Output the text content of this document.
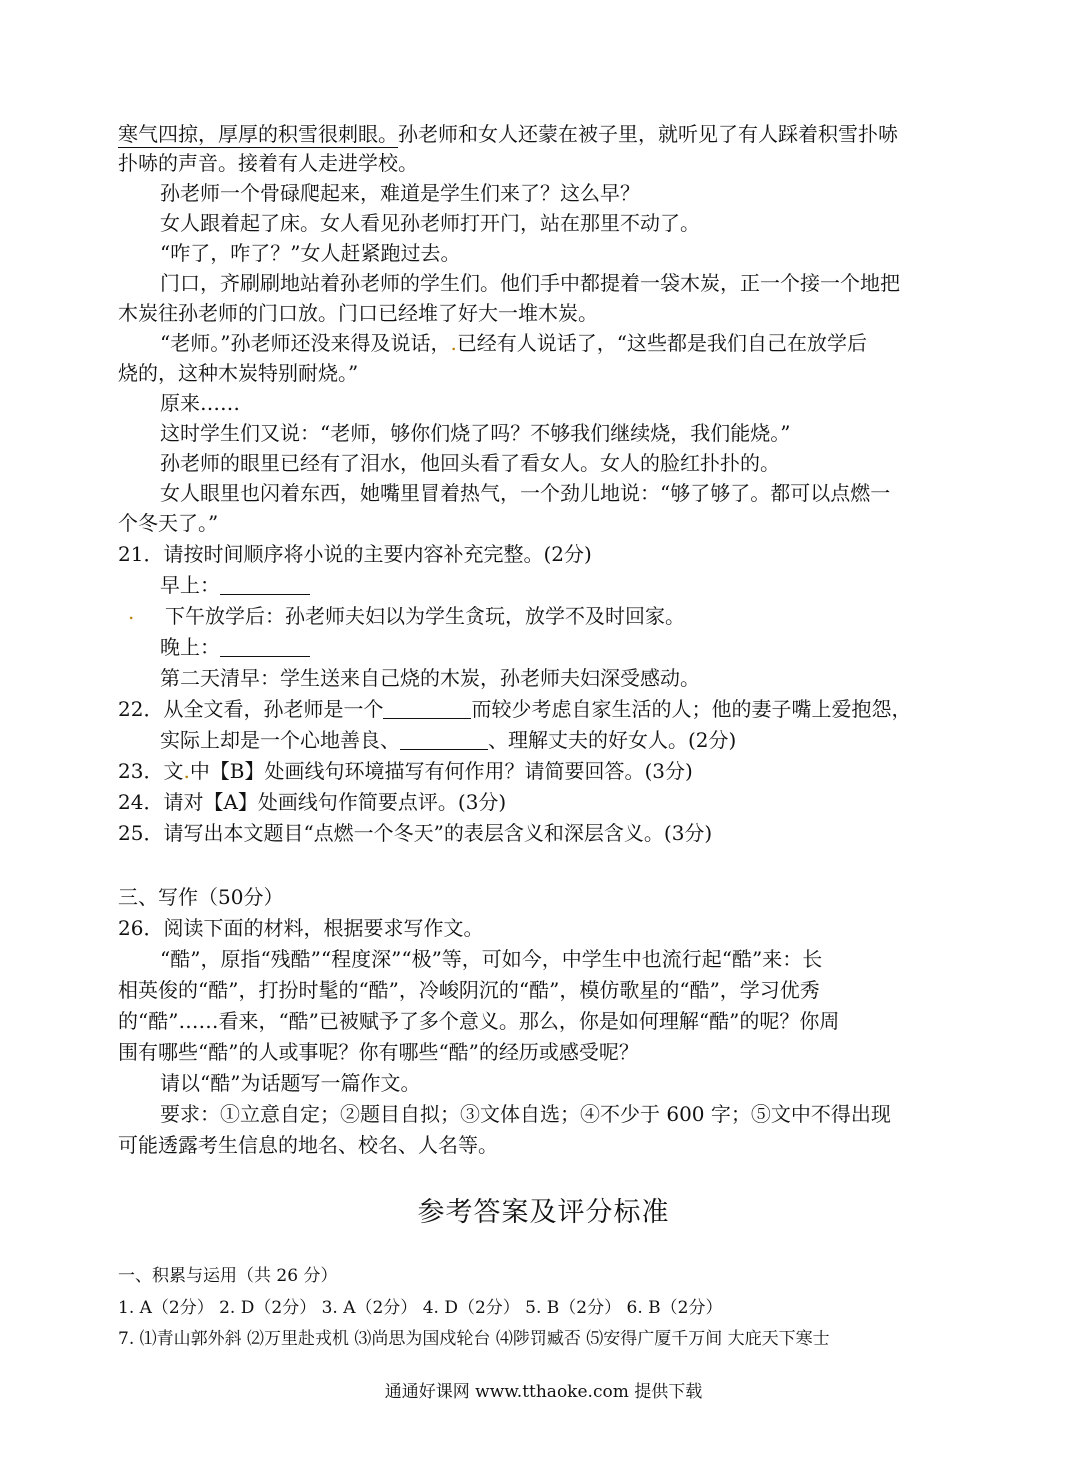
寒气四掠，厚厚的积雪很刺眼。孙老师和女人还蒙在被子里，就听见了有人踩着积雪扑哧
扑哧的声音。接着有人走进学校。
孙老师一个骨碌爬起来，难道是学生们来了？这么早？
女人跟着起了床。女人看见孙老师打开门，站在那里不动了。
“咋了，咋了？”女人赶紧跑过去。
门口，齐刷刷地站着孙老师的学生们。他们手中都提着一袋木炭，正一个接一个地把
木炭往孙老师的门口放。门口已经堆了好大一堆木炭。
“老师。”孙老师还没来得及说话，.已经有人说话了，“这些都是我们自己在放学后
烧的，这种木炭特别耐烧。”
原来……
这时学生们又说：“老师，够你们烧了吗？不够我们继续烧，我们能烧。”
孙老师的眼里已经有了泪水，他回头看了看女人。女人的脸红扑扑的。
女人眼里也闪着东西，她嘴里冒着热气，一个劲儿地说：“够了够了。都可以点燃一
个冬天了。”
21．请按时间顺序将小说的主要内容补充完整。(2分)
早上：
. 下午放学后：孙老师夫妇以为学生贪玩，放学不及时回家。
晚上：
第二天清早：学生送来自己烧的木炭，孙老师夫妇深受感动。
22．从全文看，孙老师是一个	而较少考虑自家生活的人；他的妻子嘴上爱抱怨，
实际上却是一个心地善良、	、理解丈夫的好女人。(2分)
23．文.中【B】处画线句环境描写有何作用？请简要回答。(3分)
24．请对【A】处画线句作简要点评。(3分)
25．请写出本文题目“点燃一个冬天”的表层含义和深层含义。(3分)
三、写作（50分）
26．阅读下面的材料，根据要求写作文。
“酷”，原指“残酷”“程度深”“极”等，可如今，中学生中也流行起“酷”来：长
相英俊的“酷”，打扮时髦的“酷”，冷峻阴沉的“酷”，模仿歌星的“酷”，学习优秀
的“酷”……看来，“酷”已被赋予了多个意义。那么，你是如何理解“酷”的呢？你周
围有哪些“酷”的人或事呢？你有哪些“酷”的经历或感受呢？
请以“酷”为话题写一篇作文。
要求：①立意自定；②题目自拟；③文体自选；④不少于 600 字；⑤文中不得出现
可能透露考生信息的地名、校名、人名等。
参考答案及评分标准
一、积累与运用（共 26 分）
1. A（2分） 2. D（2分） 3. A（2分） 4. D（2分） 5. B（2分） 6. B（2分）
7. ⑴青山郭外斜 ⑵万里赴戎机 ⑶尚思为国戍轮台 ⑷陟罚臧否 ⑸安得广厦千万间 大庇天下寒士
通通好课网 www.tthaoke.com 提供下载
